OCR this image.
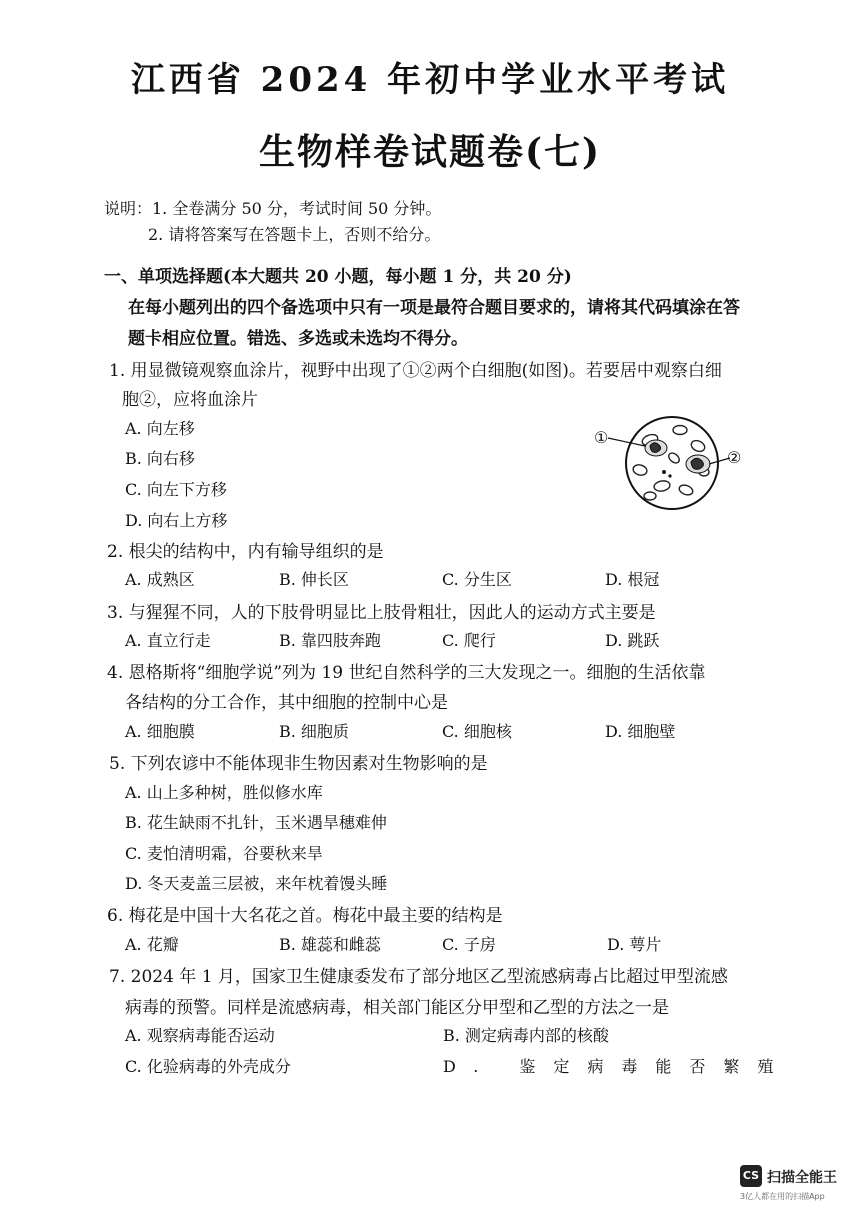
江西省 2024 年初中学业水平考试
生物样卷试题卷(七)
说明：1. 全卷满分 50 分，考试时间 50 分钟。
2. 请将答案写在答题卡上，否则不给分。
一、单项选择题(本大题共 20 小题，每小题 1 分，共 20 分)
在每小题列出的四个备选项中只有一项是最符合题目要求的，请将其代码填涂在答
题卡相应位置。错选、多选或未选均不得分。
1. 用显微镜观察血涂片，视野中出现了①②两个白细胞(如图)。若要居中观察白细
胞②，应将血涂片
A. 向左移
B. 向右移
C. 向左下方移
D. 向右上方移
①
②
2. 根尖的结构中，内有输导组织的是
A. 成熟区	B. 伸长区	C. 分生区	D. 根冠
3. 与猩猩不同，人的下肢骨明显比上肢骨粗壮，因此人的运动方式主要是
A. 直立行走	B. 靠四肢奔跑	C. 爬行	D. 跳跃
4. 恩格斯将“细胞学说”列为 19 世纪自然科学的三大发现之一。细胞的生活依靠
各结构的分工合作，其中细胞的控制中心是
A. 细胞膜	B. 细胞质	C. 细胞核	D. 细胞壁
5. 下列农谚中不能体现非生物因素对生物影响的是
A. 山上多种树，胜似修水库
B. 花生缺雨不扎针，玉米遇旱穗难伸
C. 麦怕清明霜，谷要秋来旱
D. 冬天麦盖三层被，来年枕着馒头睡
6. 梅花是中国十大名花之首。梅花中最主要的结构是
A. 花瓣	B. 雄蕊和雌蕊	C. 子房	D. 萼片
7. 2024 年 1 月，国家卫生健康委发布了部分地区乙型流感病毒占比超过甲型流感
病毒的预警。同样是流感病毒，相关部门能区分甲型和乙型的方法之一是
A. 观察病毒能否运动	B. 测定病毒内部的核酸
C. 化验病毒的外壳成分	D. 鉴定病毒能否繁殖
CS 扫描全能王
3亿人都在用的扫描App
